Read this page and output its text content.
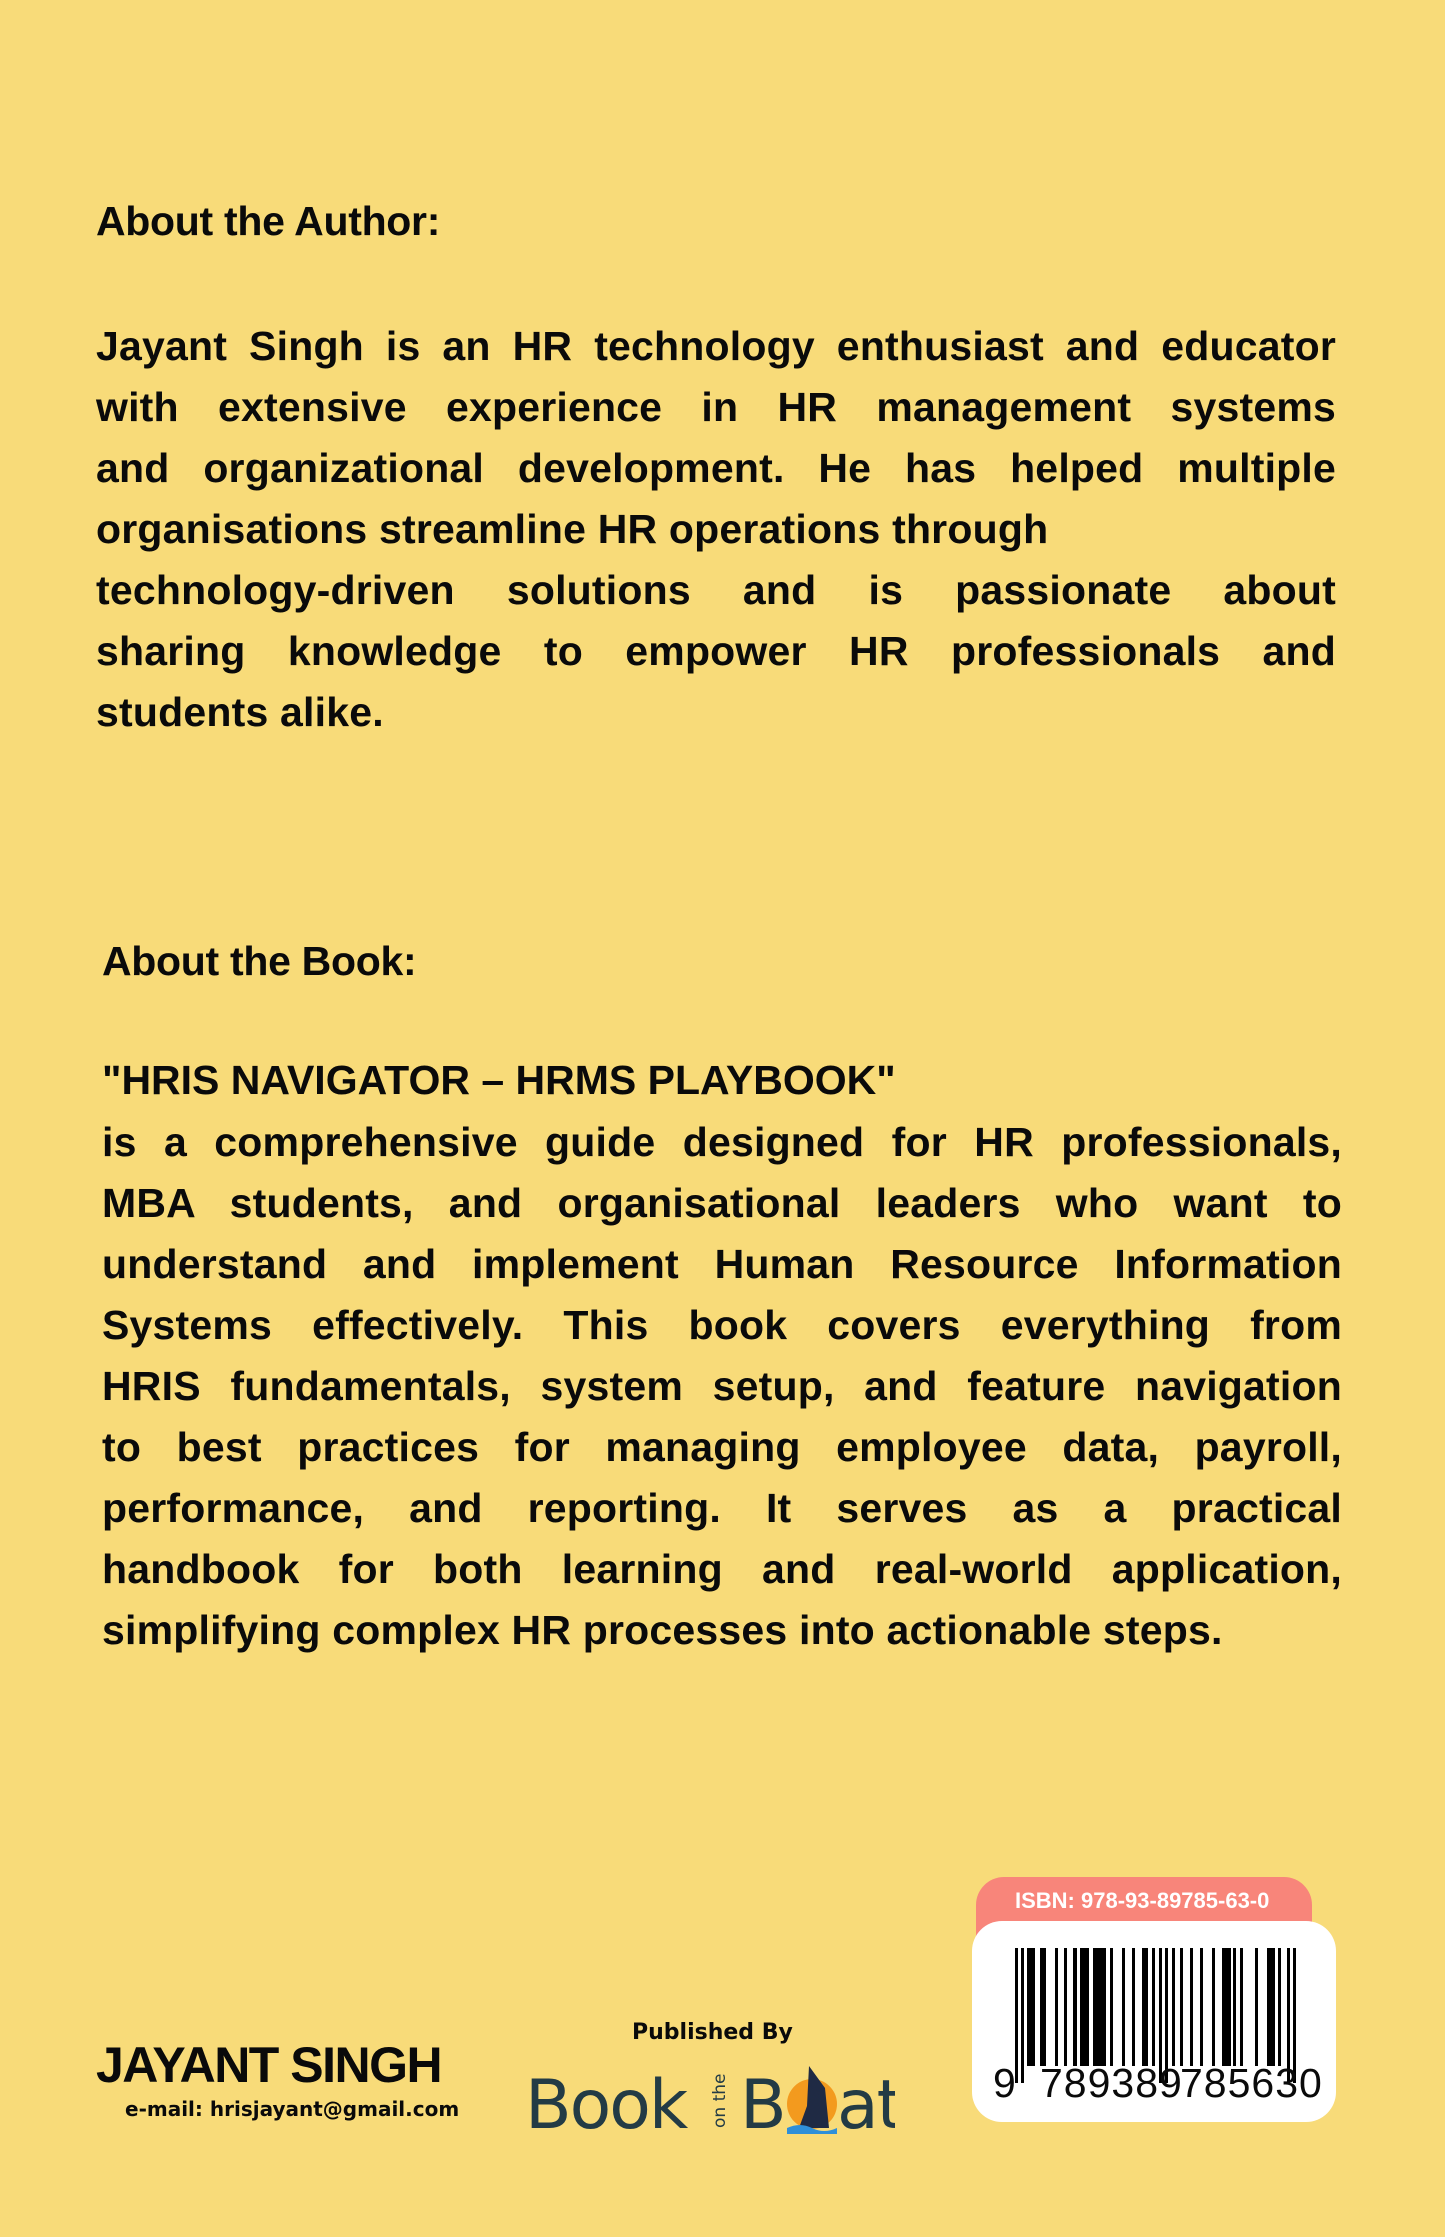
About the Author:
Jayant Singh is an HR technology enthusiast and educator
with extensive experience in HR management systems
and organizational development. He has helped multiple
organisations streamline HR operations through
technology-driven solutions and is passionate about
sharing knowledge to empower HR professionals and
students alike.
About the Book:
"HRIS NAVIGATOR – HRMS PLAYBOOK"
is a comprehensive guide designed for HR professionals,
MBA students, and organisational leaders who want to
understand and implement Human Resource Information
Systems effectively. This book covers everything from
HRIS fundamentals, system setup, and feature navigation
to best practices for managing employee data, payroll,
performance, and reporting. It serves as a practical
handbook for both learning and real-world application,
simplifying complex HR processes into actionable steps.
JAYANT SINGH
e-mail: hrisjayant@gmail.com
Published By
Book on the B at
ISBN: 978-93-89785-63-0
9 789389
785630
